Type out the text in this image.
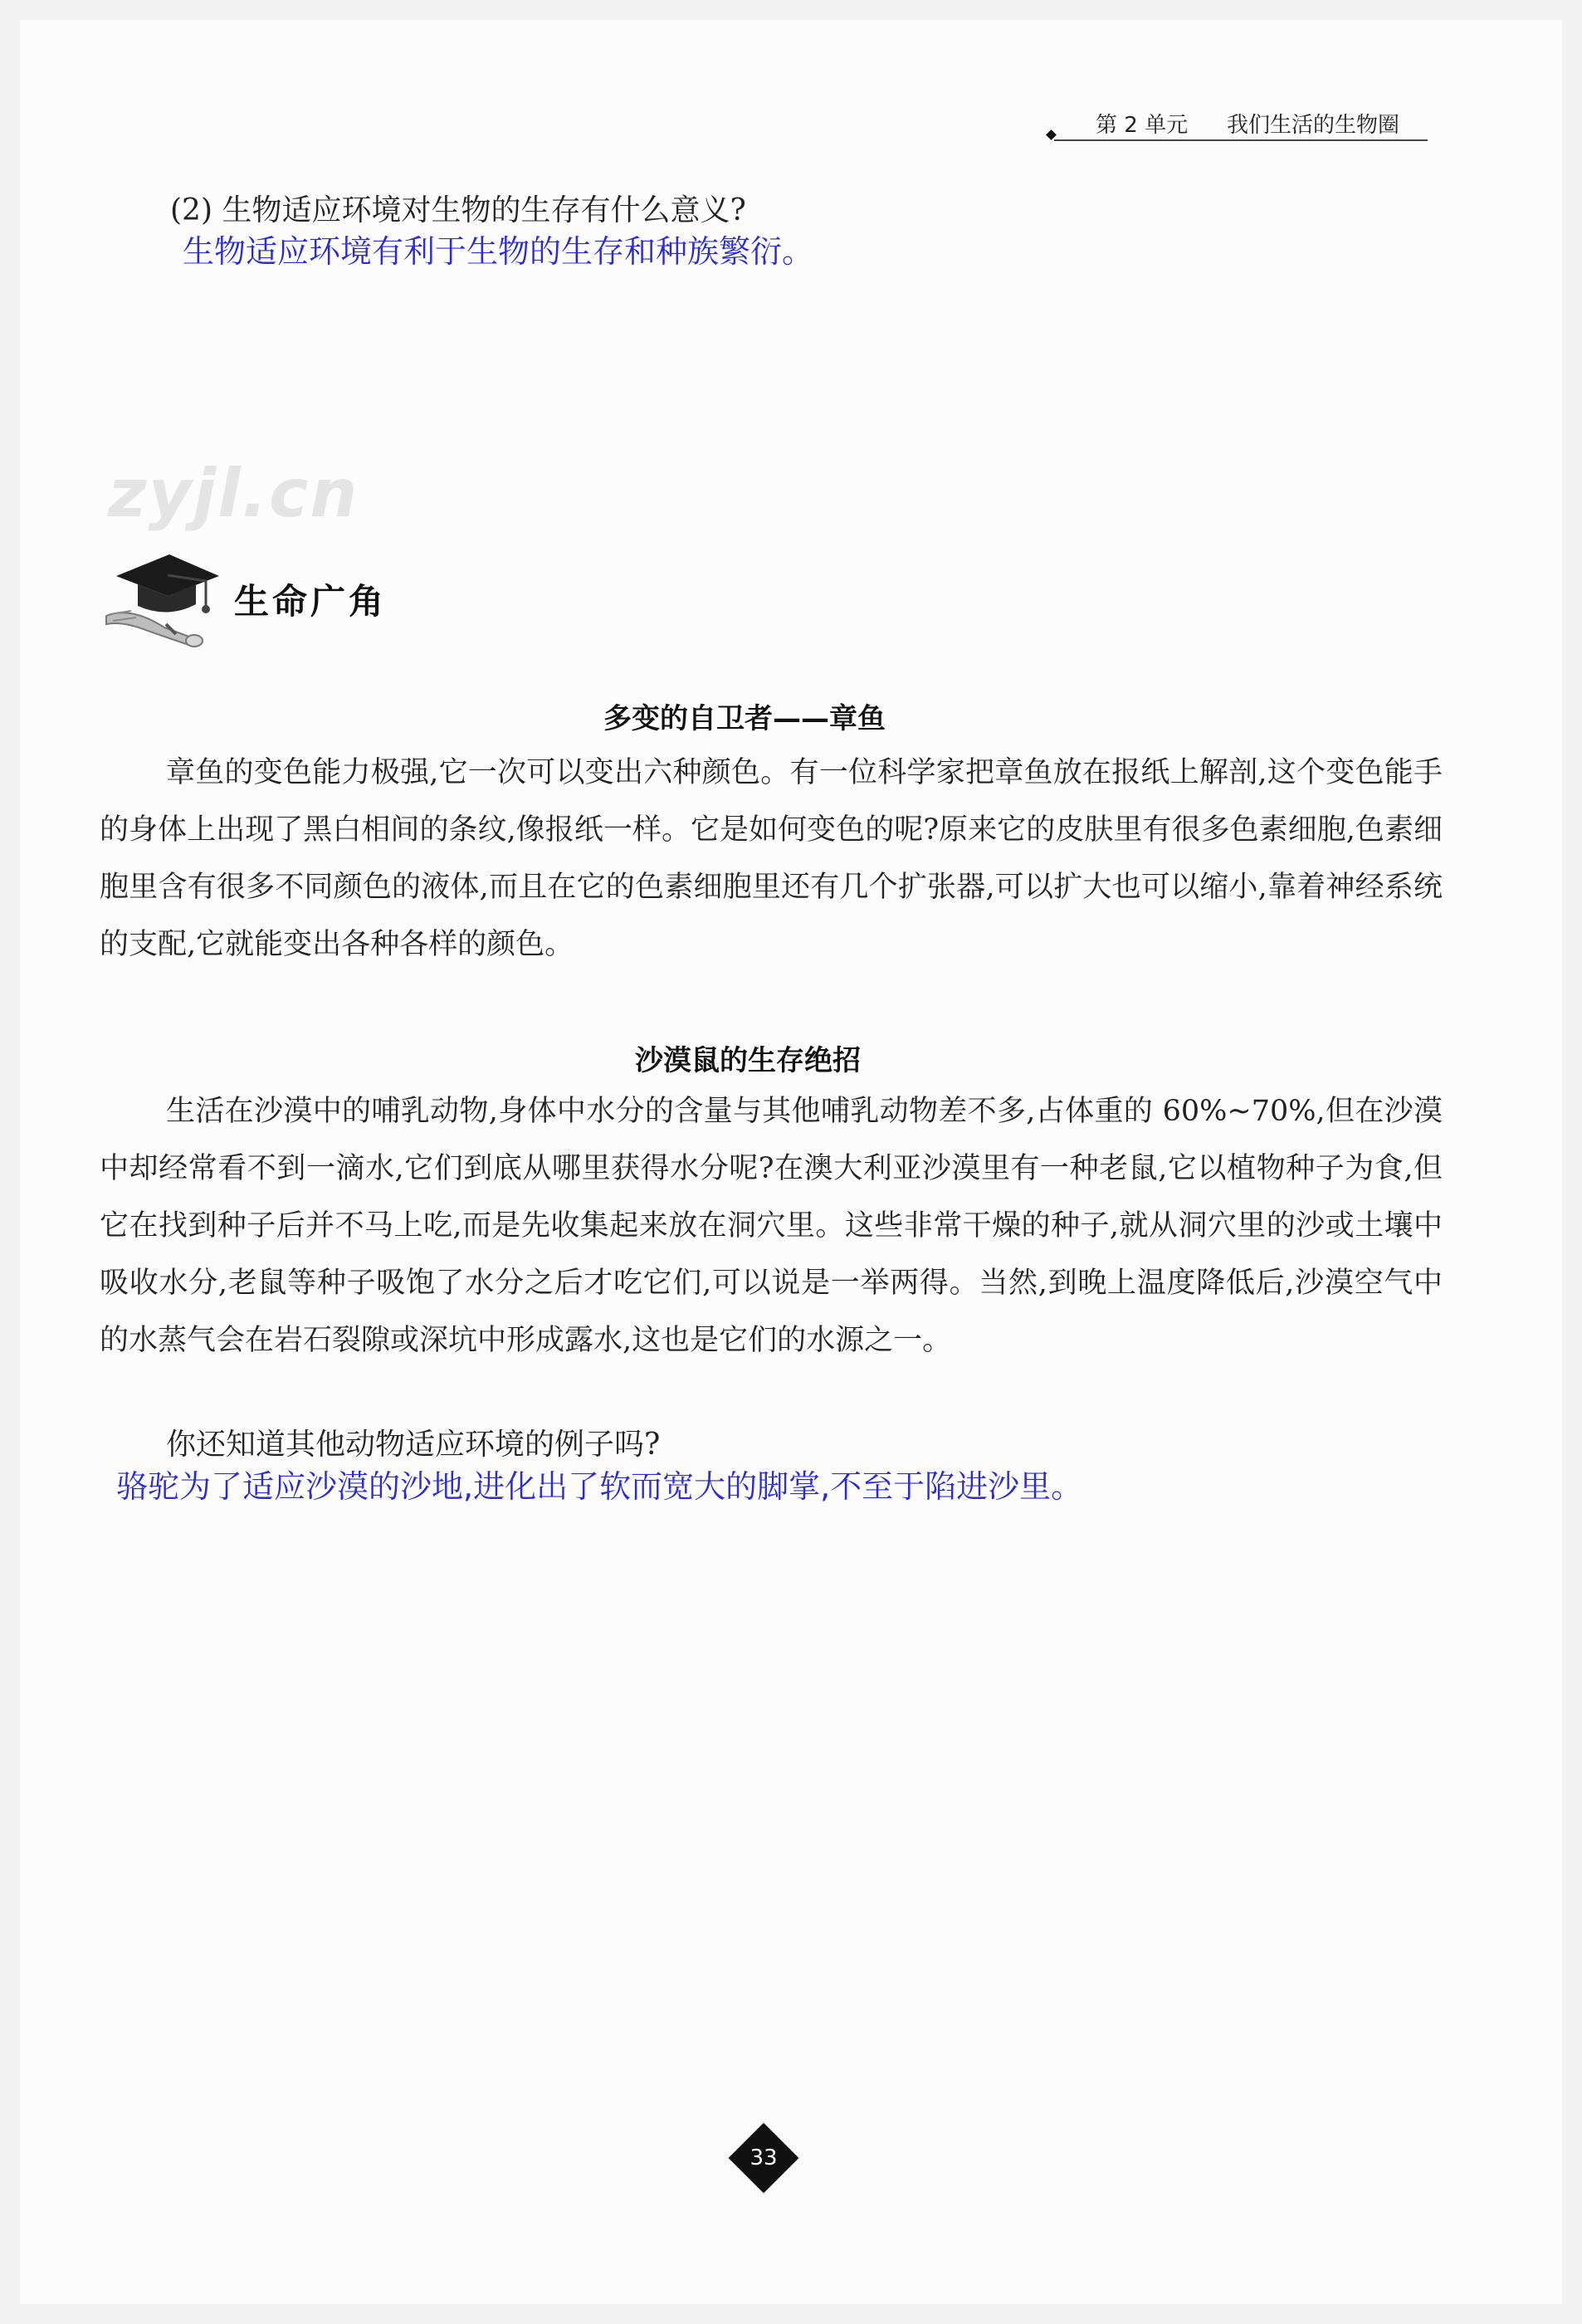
第 2 单元 我们生活的生物圈
(2) 生物适应环境对生物的生存有什么意义?
生物适应环境有利于生物的生存和种族繁衍。
zyjl.cn
生命广角
多变的自卫者——章鱼
章鱼的变色能力极强,它一次可以变出六种颜色。有一位科学家把章鱼放在报纸上解剖,这个变色能手的身体上出现了黑白相间的条纹,像报纸一样。它是如何变色的呢?原来它的皮肤里有很多色素细胞,色素细胞里含有很多不同颜色的液体,而且在它的色素细胞里还有几个扩张器,可以扩大也可以缩小,靠着神经系统的支配,它就能变出各种各样的颜色。
沙漠鼠的生存绝招
生活在沙漠中的哺乳动物,身体中水分的含量与其他哺乳动物差不多,占体重的 60%~70%,但在沙漠中却经常看不到一滴水,它们到底从哪里获得水分呢?在澳大利亚沙漠里有一种老鼠,它以植物种子为食,但它在找到种子后并不马上吃,而是先收集起来放在洞穴里。这些非常干燥的种子,就从洞穴里的沙或土壤中吸收水分,老鼠等种子吸饱了水分之后才吃它们,可以说是一举两得。当然,到晚上温度降低后,沙漠空气中的水蒸气会在岩石裂隙或深坑中形成露水,这也是它们的水源之一。
你还知道其他动物适应环境的例子吗?
骆驼为了适应沙漠的沙地,进化出了软而宽大的脚掌,不至于陷进沙里。
33
